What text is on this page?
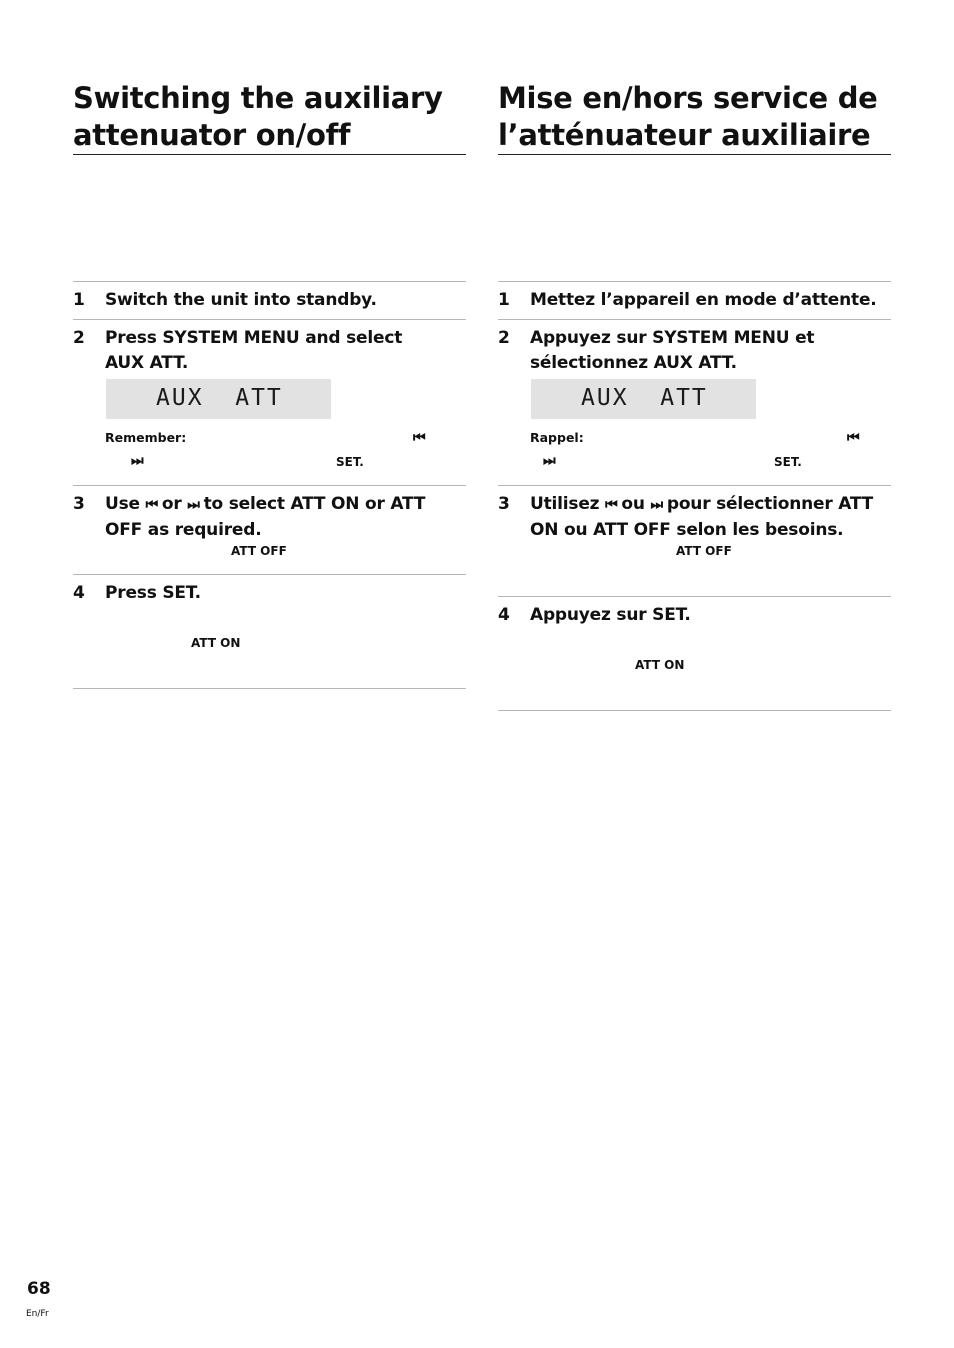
Switching the auxiliary
attenuator on/off
1 Switch the unit into standby.
2 Press SYSTEM MENU and select AUX ATT.
AUX  ATT
Remember:	⏮
⏭	SET.
3 Use ⏮ or ⏭ to select ATT ON or ATT OFF as required.
ATT OFF
4 Press SET.
ATT ON
Mise en/hors service de
l’atténuateur auxiliaire
1 Mettez l’appareil en mode d’attente.
2 Appuyez sur SYSTEM MENU et sélectionnez AUX ATT.
AUX  ATT
Rappel:	⏮
⏭	SET.
3 Utilisez ⏮ ou ⏭ pour sélectionner ATT ON ou ATT OFF selon les besoins.
ATT OFF
4 Appuyez sur SET.
ATT ON
68
En/Fr
